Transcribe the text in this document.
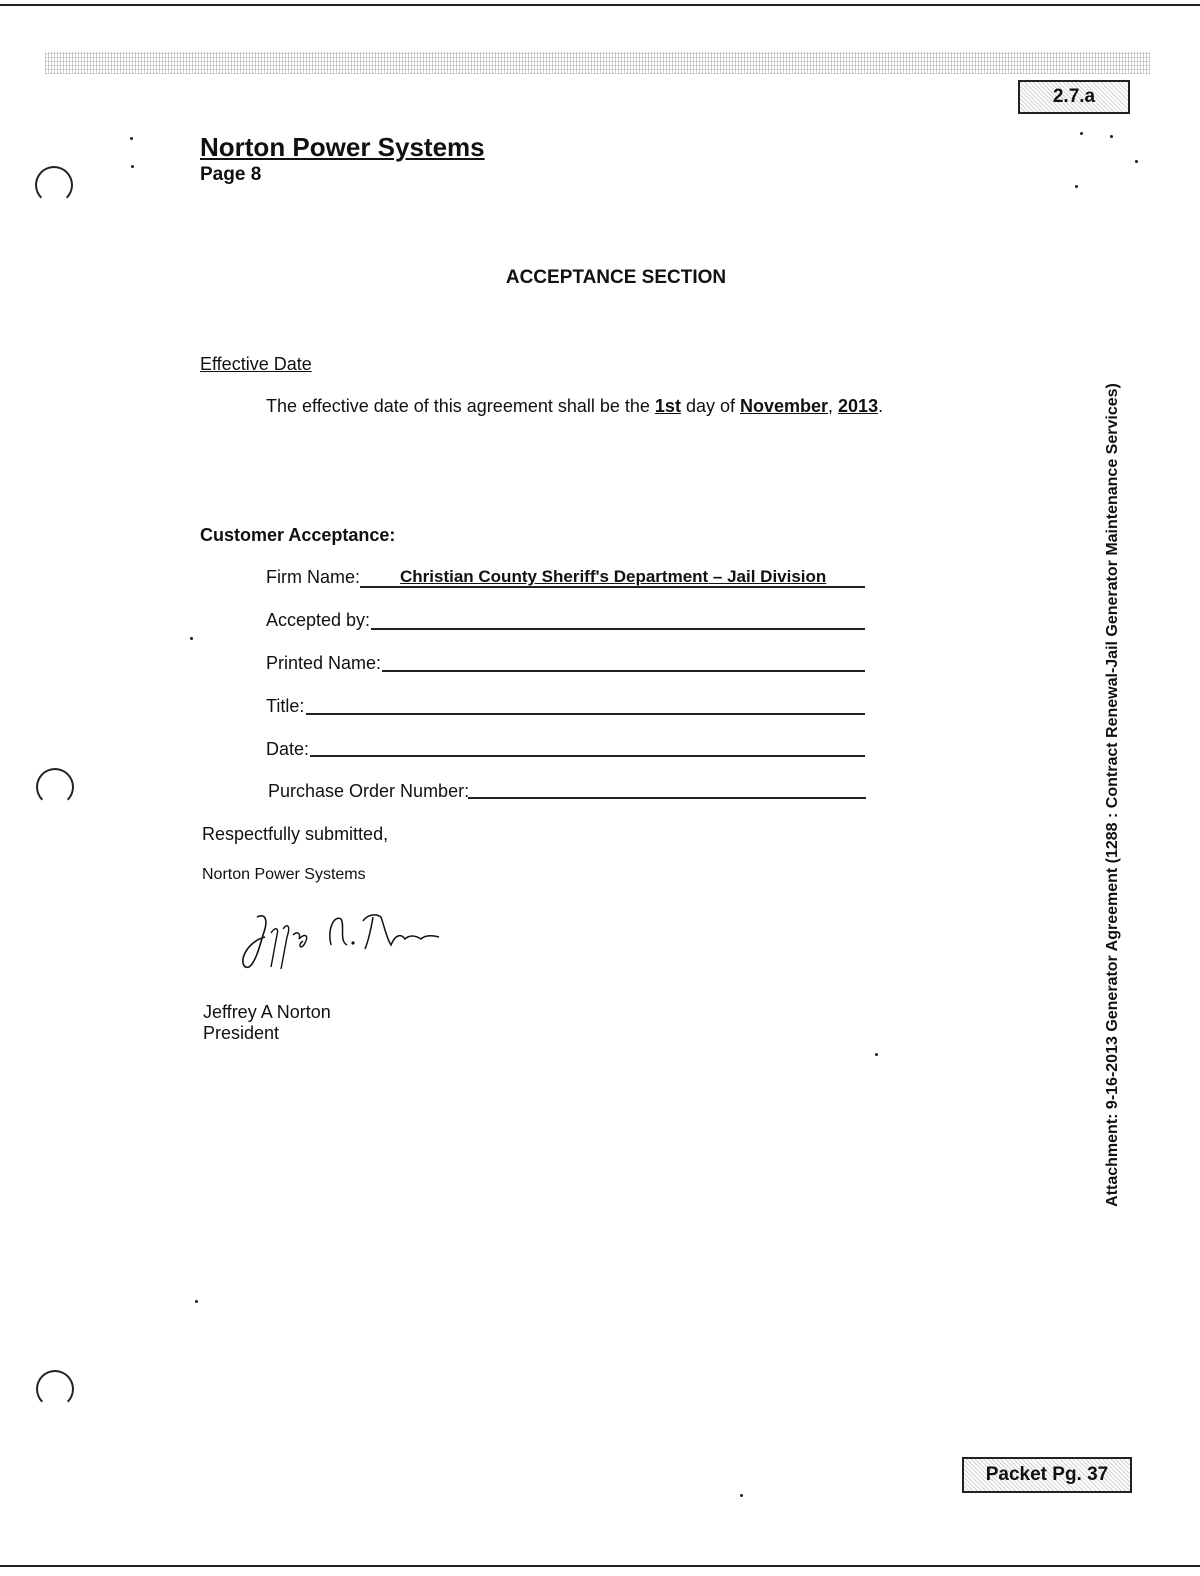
2.7.a
Norton Power Systems
Page 8
ACCEPTANCE SECTION
Effective Date
The effective date of this agreement shall be the 1st day of November, 2013.
Customer Acceptance:
Firm Name: Christian County Sheriff's Department – Jail Division
Accepted by:
Printed Name:
Title:
Date:
Purchase Order Number:
Respectfully submitted,
Norton Power Systems
Jeffrey A Norton
President	Attachment: 9-16-2013 Generator Agreement (1288 : Contract Renewal-Jail Generator Maintenance Services)
Packet Pg. 37
